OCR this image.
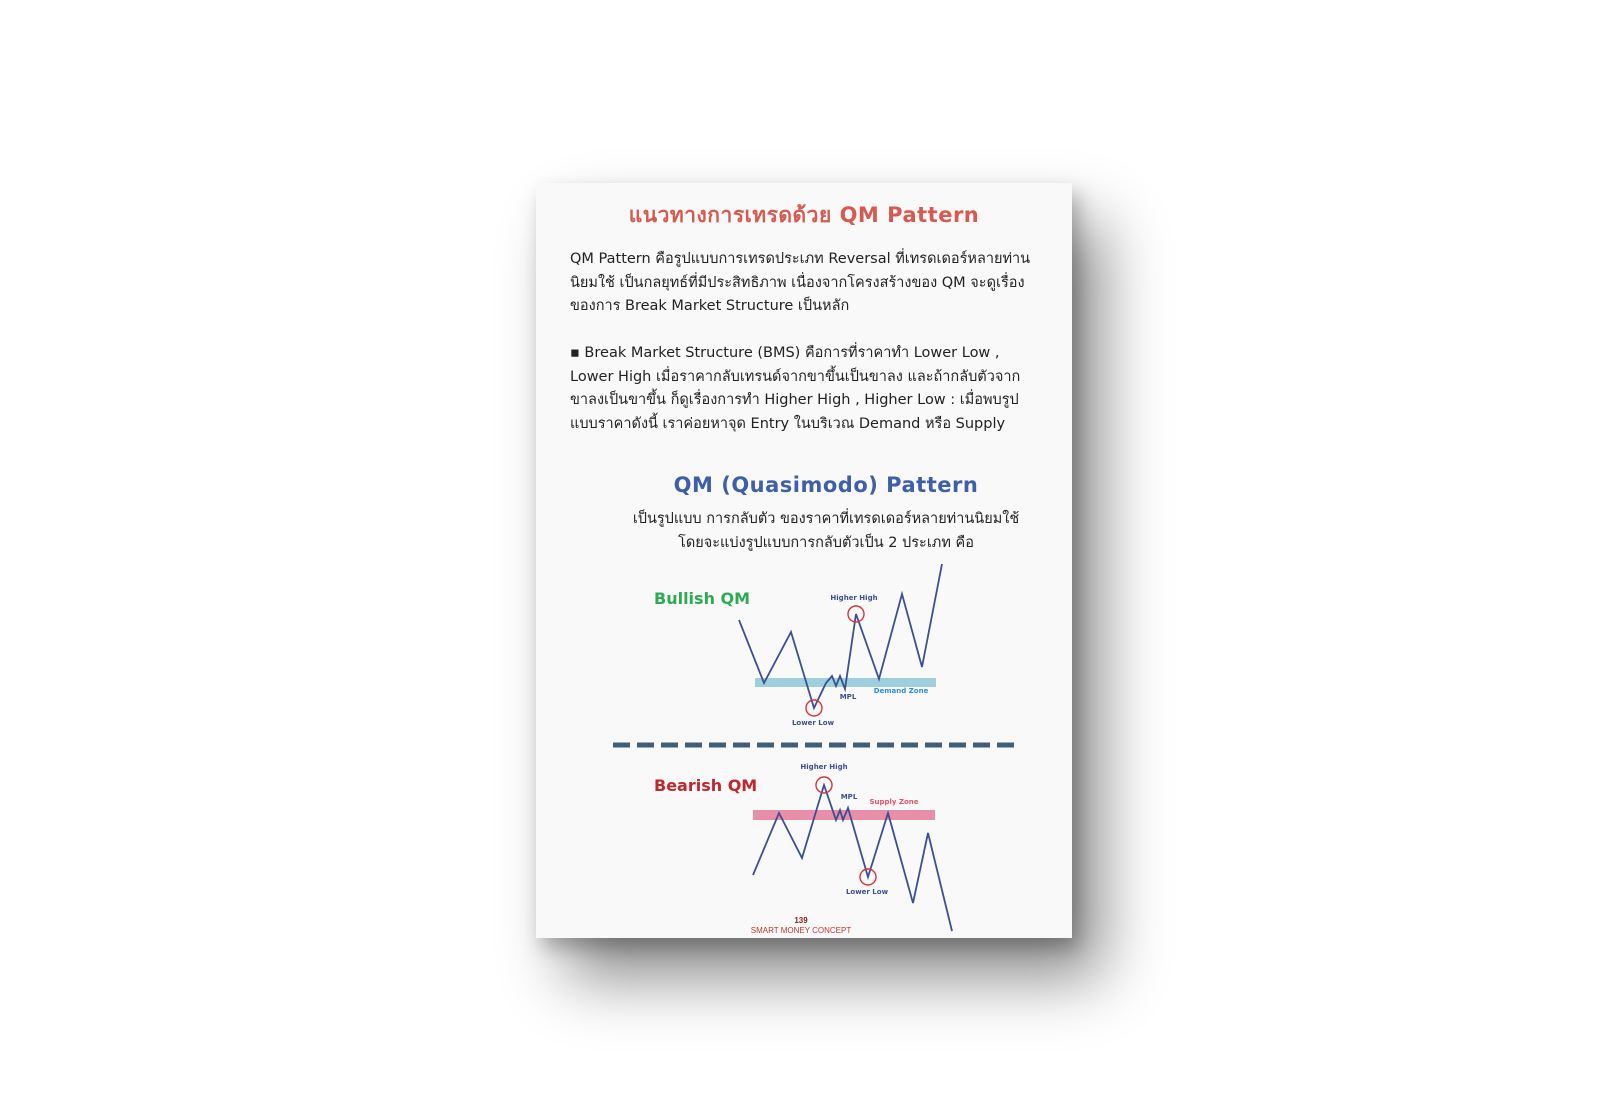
แนวทางการเทรดด้วย QM Pattern

QM Pattern คือรูปแบบการเทรดประเภท Reversal ที่เทรดเดอร์หลายท่านนิยมใช้ เป็นกลยุทธ์ที่มีประสิทธิภาพ เนื่องจากโครงสร้างของ QM จะดูเรื่องของการ Break Market Structure เป็นหลัก

▪ Break Market Structure (BMS) คือการที่ราคาทำ Lower Low , Lower High เมื่อราคากลับเทรนด์จากขาขึ้นเป็นขาลง และถ้ากลับตัวจากขาลงเป็นขาขึ้น ก็ดูเรื่องการทำ Higher High , Higher Low : เมื่อพบรูปแบบราคาดังนี้ เราค่อยหาจุด Entry ในบริเวณ Demand หรือ Supply

QM (Quasimodo) Pattern
เป็นรูปแบบ การกลับตัว ของราคาที่เทรดเดอร์หลายท่านนิยมใช้
โดยจะแบ่งรูปแบบการกลับตัวเป็น 2 ประเภท คือ
Bullish QM	Higher High
Lower Low
MPL
Demand Zone
Bearish QM
Higher High
Lower Low
MPL
Supply Zone
139
SMART MONEY CONCEPT
